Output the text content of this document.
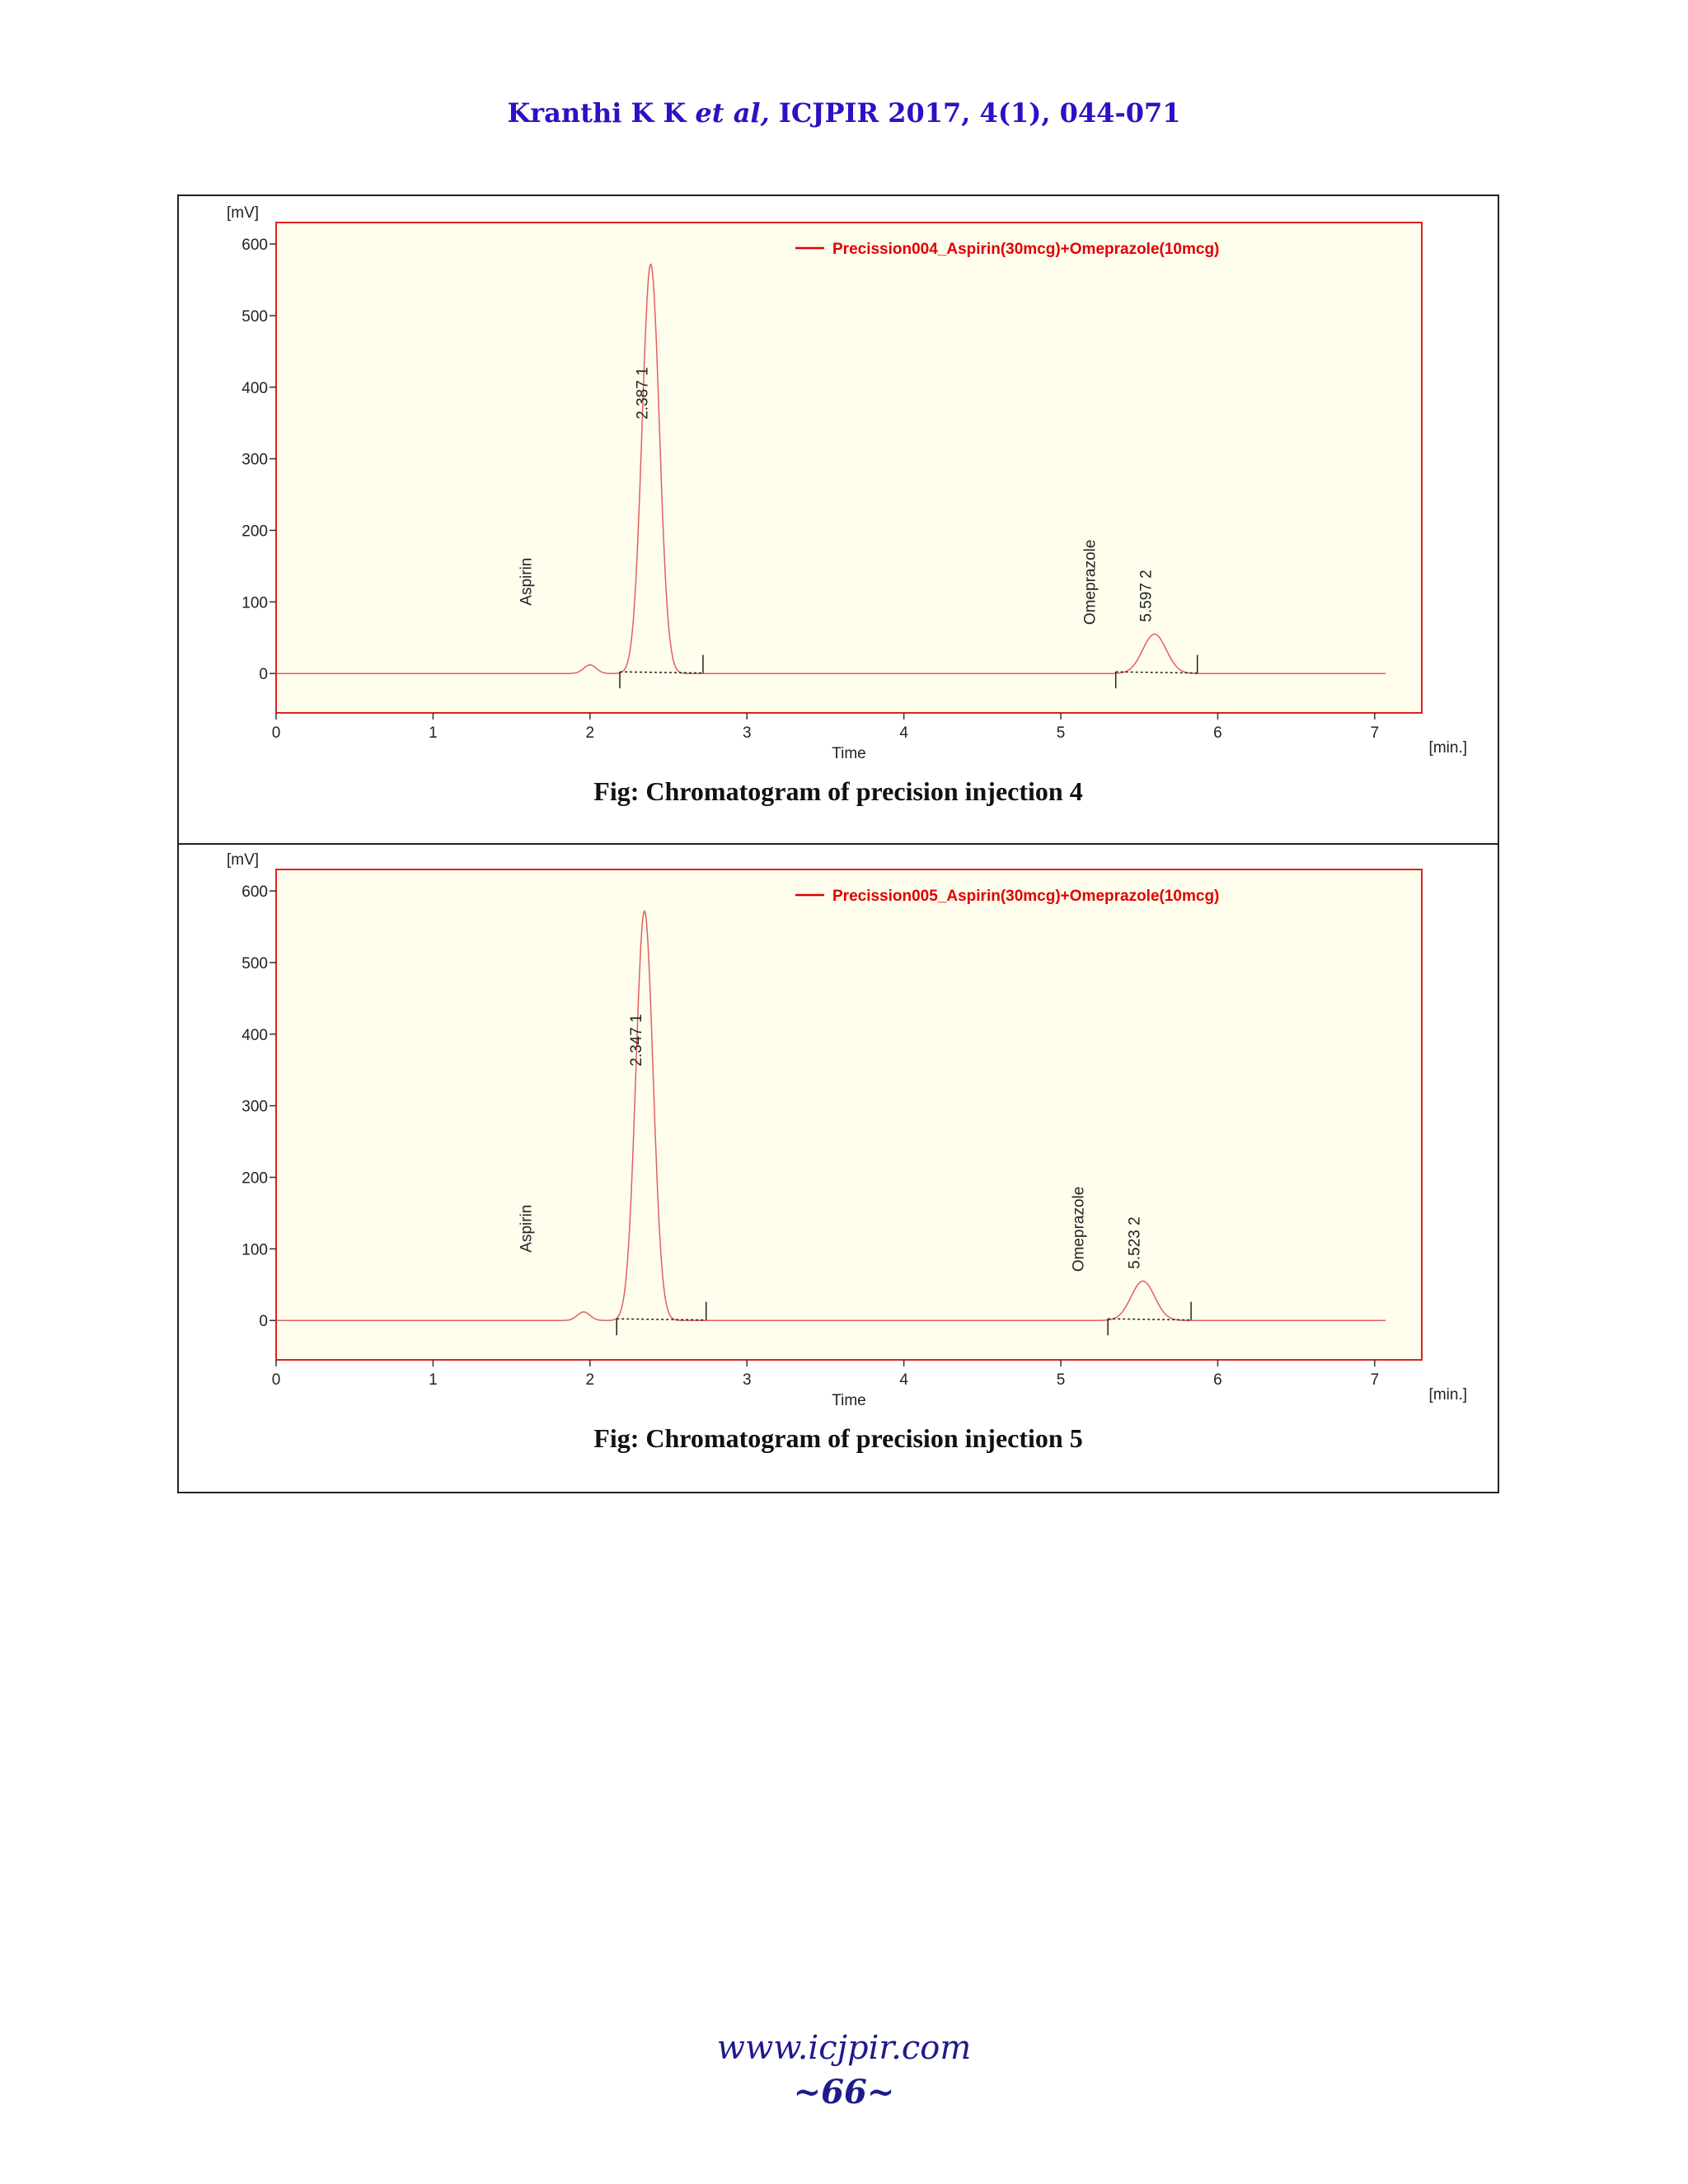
Kranthi K K et al, ICJPIR 2017, 4(1), 044-071
0
100
200
300
400
500
600
[mV]
0	1	2	3	4	5	6	7
Time	[min.]
Precission004_Aspirin(30mcg)+Omeprazole(10mcg)
Aspirin
2.387 1
Omeprazole 5.597 2
Fig: Chromatogram of precision injection 4
0
100
200
300
400
500
600
[mV]
0	1	2	3	4	5	6	7
Time	[min.]
Precission005_Aspirin(30mcg)+Omeprazole(10mcg)
Aspirin
2.347 1
Omeprazole 5.523 2
Fig: Chromatogram of precision injection 5
www.icjpir.com
~66~
